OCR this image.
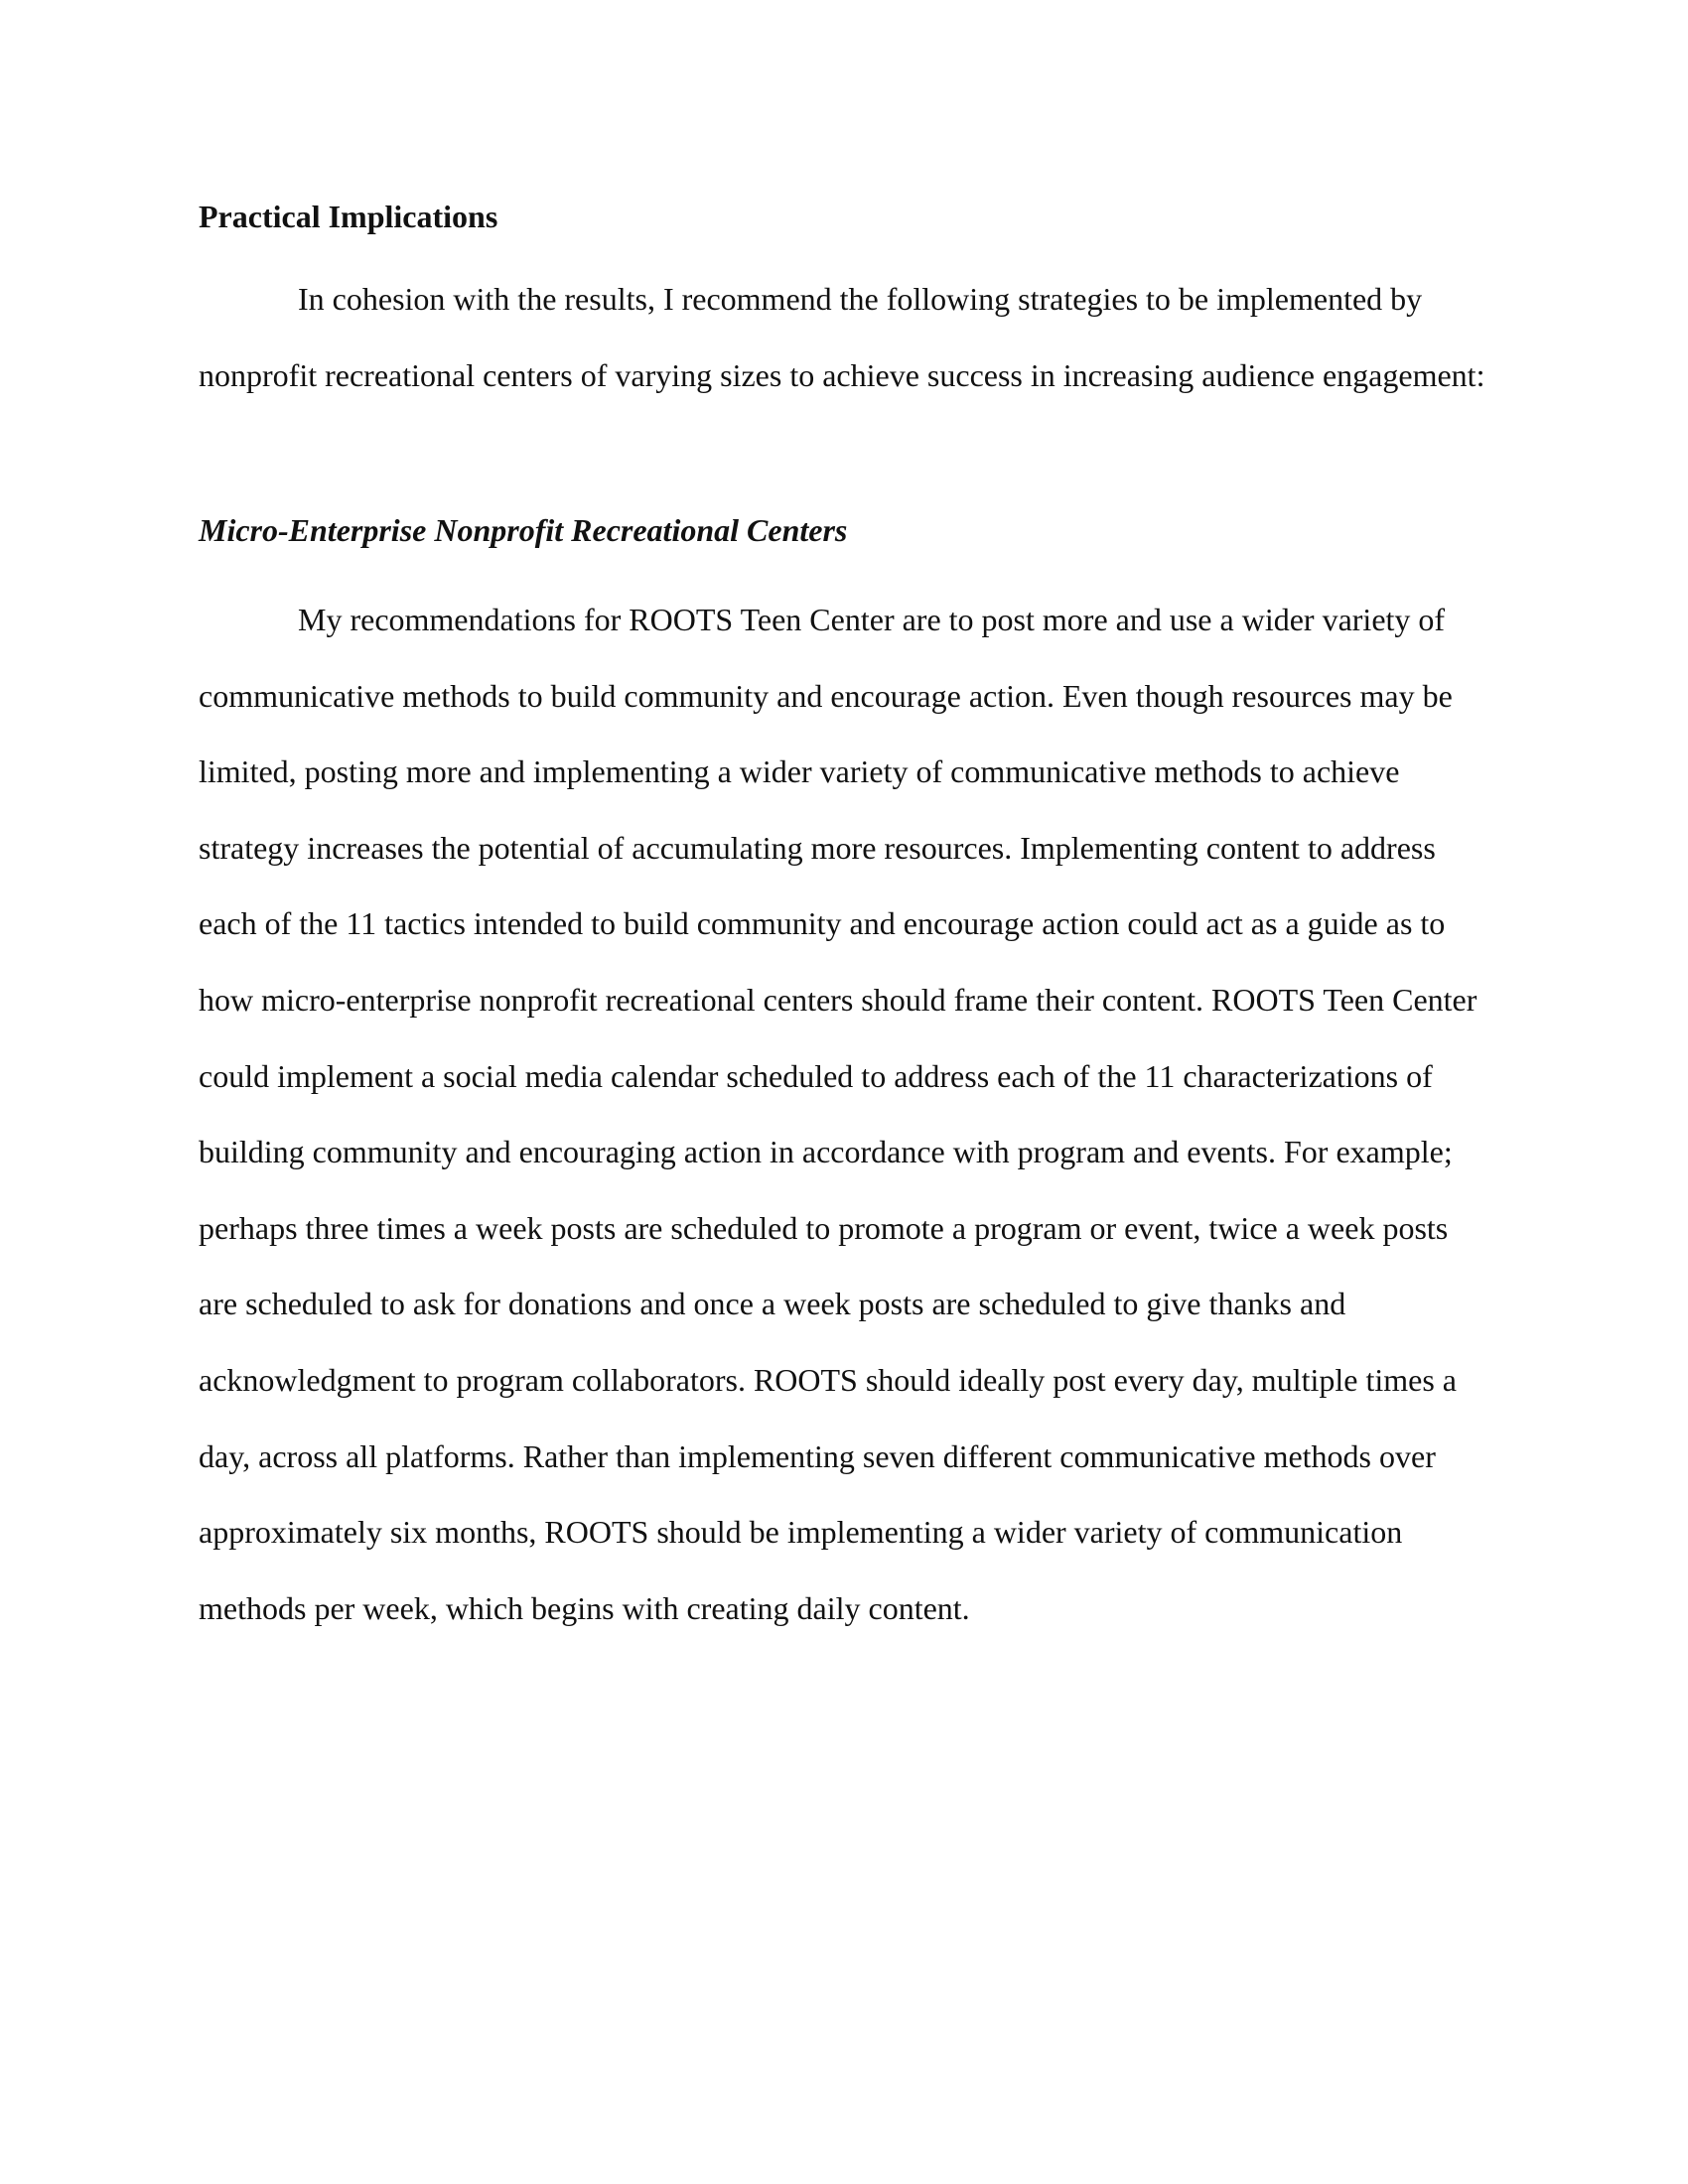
Practical Implications

In cohesion with the results, I recommend the following strategies to be implemented by nonprofit recreational centers of varying sizes to achieve success in increasing audience engagement:

Micro-Enterprise Nonprofit Recreational Centers

My recommendations for ROOTS Teen Center are to post more and use a wider variety of communicative methods to build community and encourage action. Even though resources may be limited, posting more and implementing a wider variety of communicative methods to achieve strategy increases the potential of accumulating more resources. Implementing content to address each of the 11 tactics intended to build community and encourage action could act as a guide as to how micro-enterprise nonprofit recreational centers should frame their content. ROOTS Teen Center could implement a social media calendar scheduled to address each of the 11 characterizations of building community and encouraging action in accordance with program and events. For example; perhaps three times a week posts are scheduled to promote a program or event, twice a week posts are scheduled to ask for donations and once a week posts are scheduled to give thanks and acknowledgment to program collaborators. ROOTS should ideally post every day, multiple times a day, across all platforms. Rather than implementing seven different communicative methods over approximately six months, ROOTS should be implementing a wider variety of communication methods per week, which begins with creating daily content.
